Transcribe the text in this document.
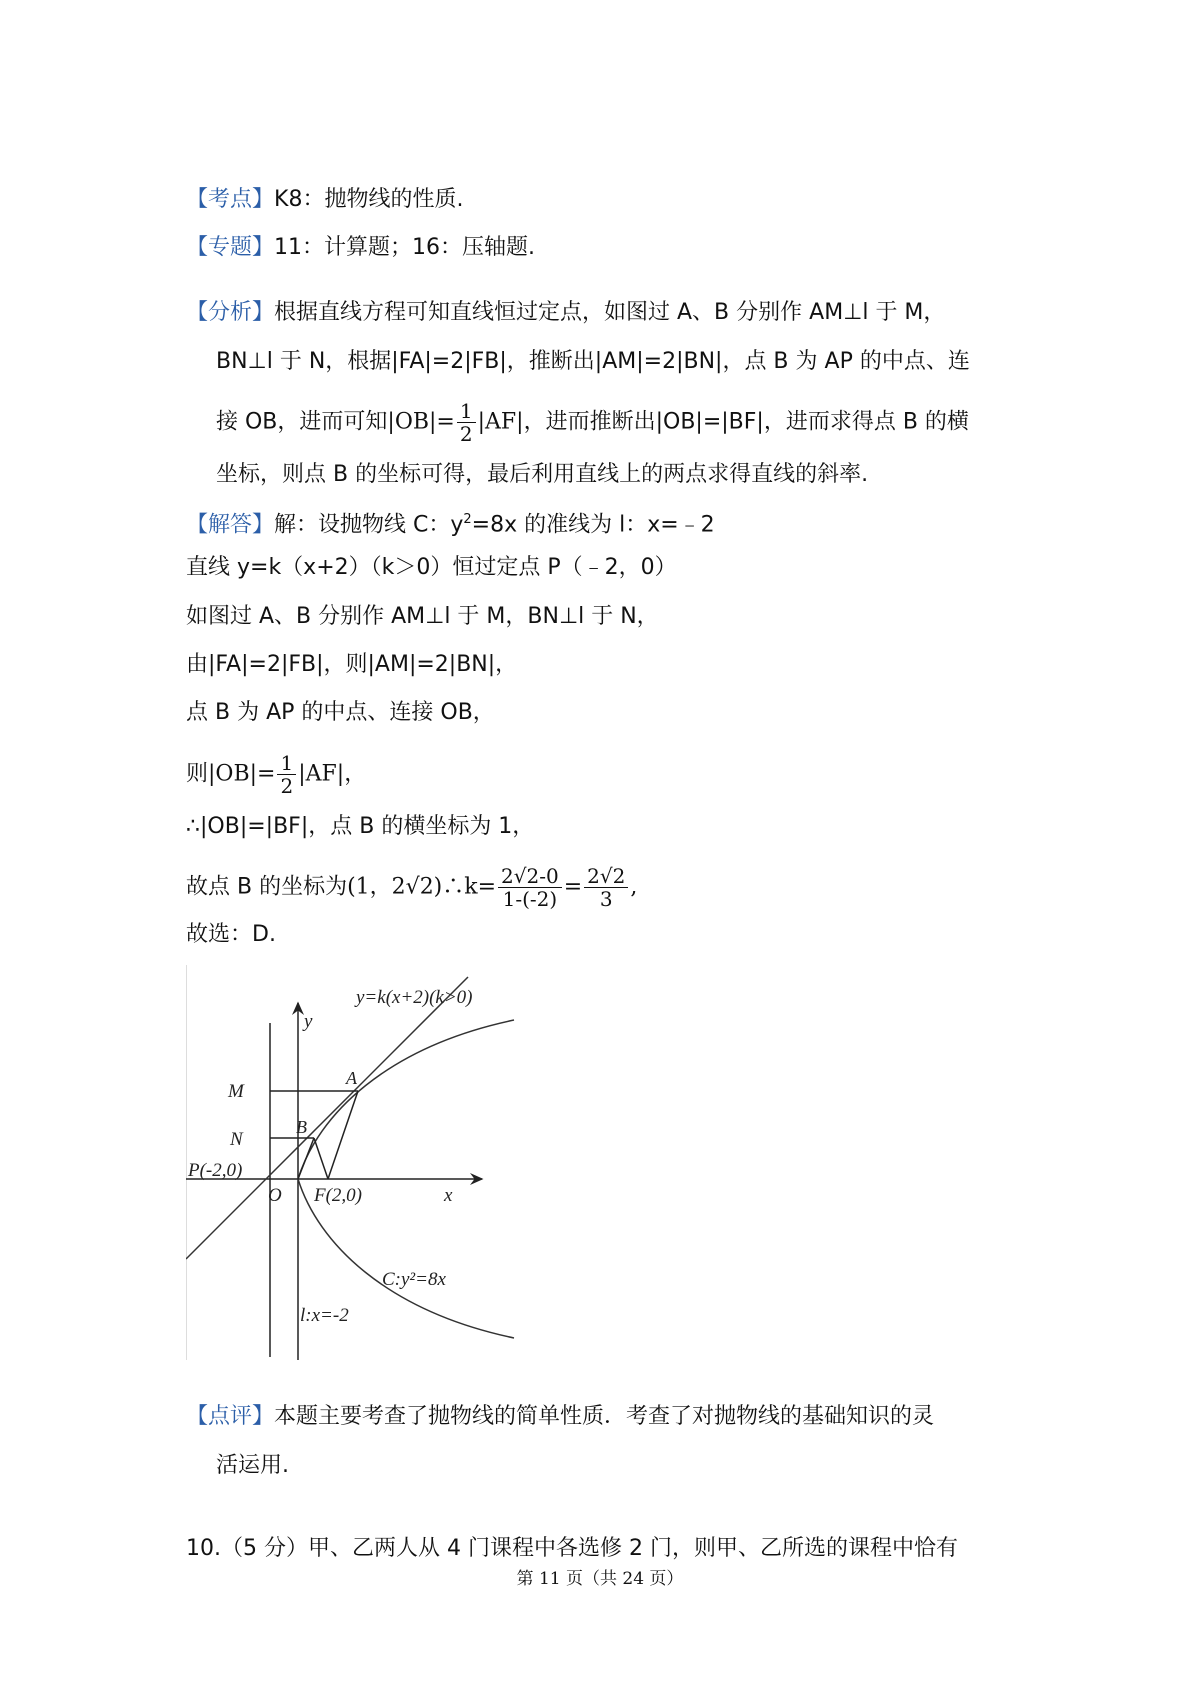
【考点】K8：抛物线的性质.
【专题】11：计算题；16：压轴题.
【分析】根据直线方程可知直线恒过定点，如图过 A、B 分别作 AM⊥l 于 M，
BN⊥l 于 N，根据|FA|=2|FB|，推断出|AM|=2|BN|，点 B 为 AP 的中点、连
接 OB，进而可知$|OB|= \frac{1}{2} |AF|$，进而推断出|OB|=|BF|，进而求得点 B 的横
坐标，则点 B 的坐标可得，最后利用直线上的两点求得直线的斜率.
【解答】解：设抛物线 C：$y^2=8x$ 的准线为 l：x=﹣2
直线 y=k（x+2）（k＞0）恒过定点 P（﹣2，0）
如图过 A、B 分别作 AM⊥l 于 M，BN⊥l 于 N，
由|FA|=2|FB|，则|AM|=2|BN|，
点 B 为 AP 的中点、连接 OB，
则$|OB|= \frac{1}{2} |AF|$，
∴|OB|=|BF|，点 B 的横坐标为 1，
故点 B 的坐标为(1，2√2)∴k= $\frac{2√2-0}{1-(-2)} = \frac{2√2}{3}$ ,
故选：D.
y=k(x+2)(k>0)
y
x
M
N
A
B
P(-2,0)
O F(2,0)
C:y²=8x
l:x=-2
【点评】本题主要考查了抛物线的简单性质．考查了对抛物线的基础知识的灵
活运用.
10.（5 分）甲、乙两人从 4 门课程中各选修 2 门，则甲、乙所选的课程中恰有
第 11 页（共 24 页）
